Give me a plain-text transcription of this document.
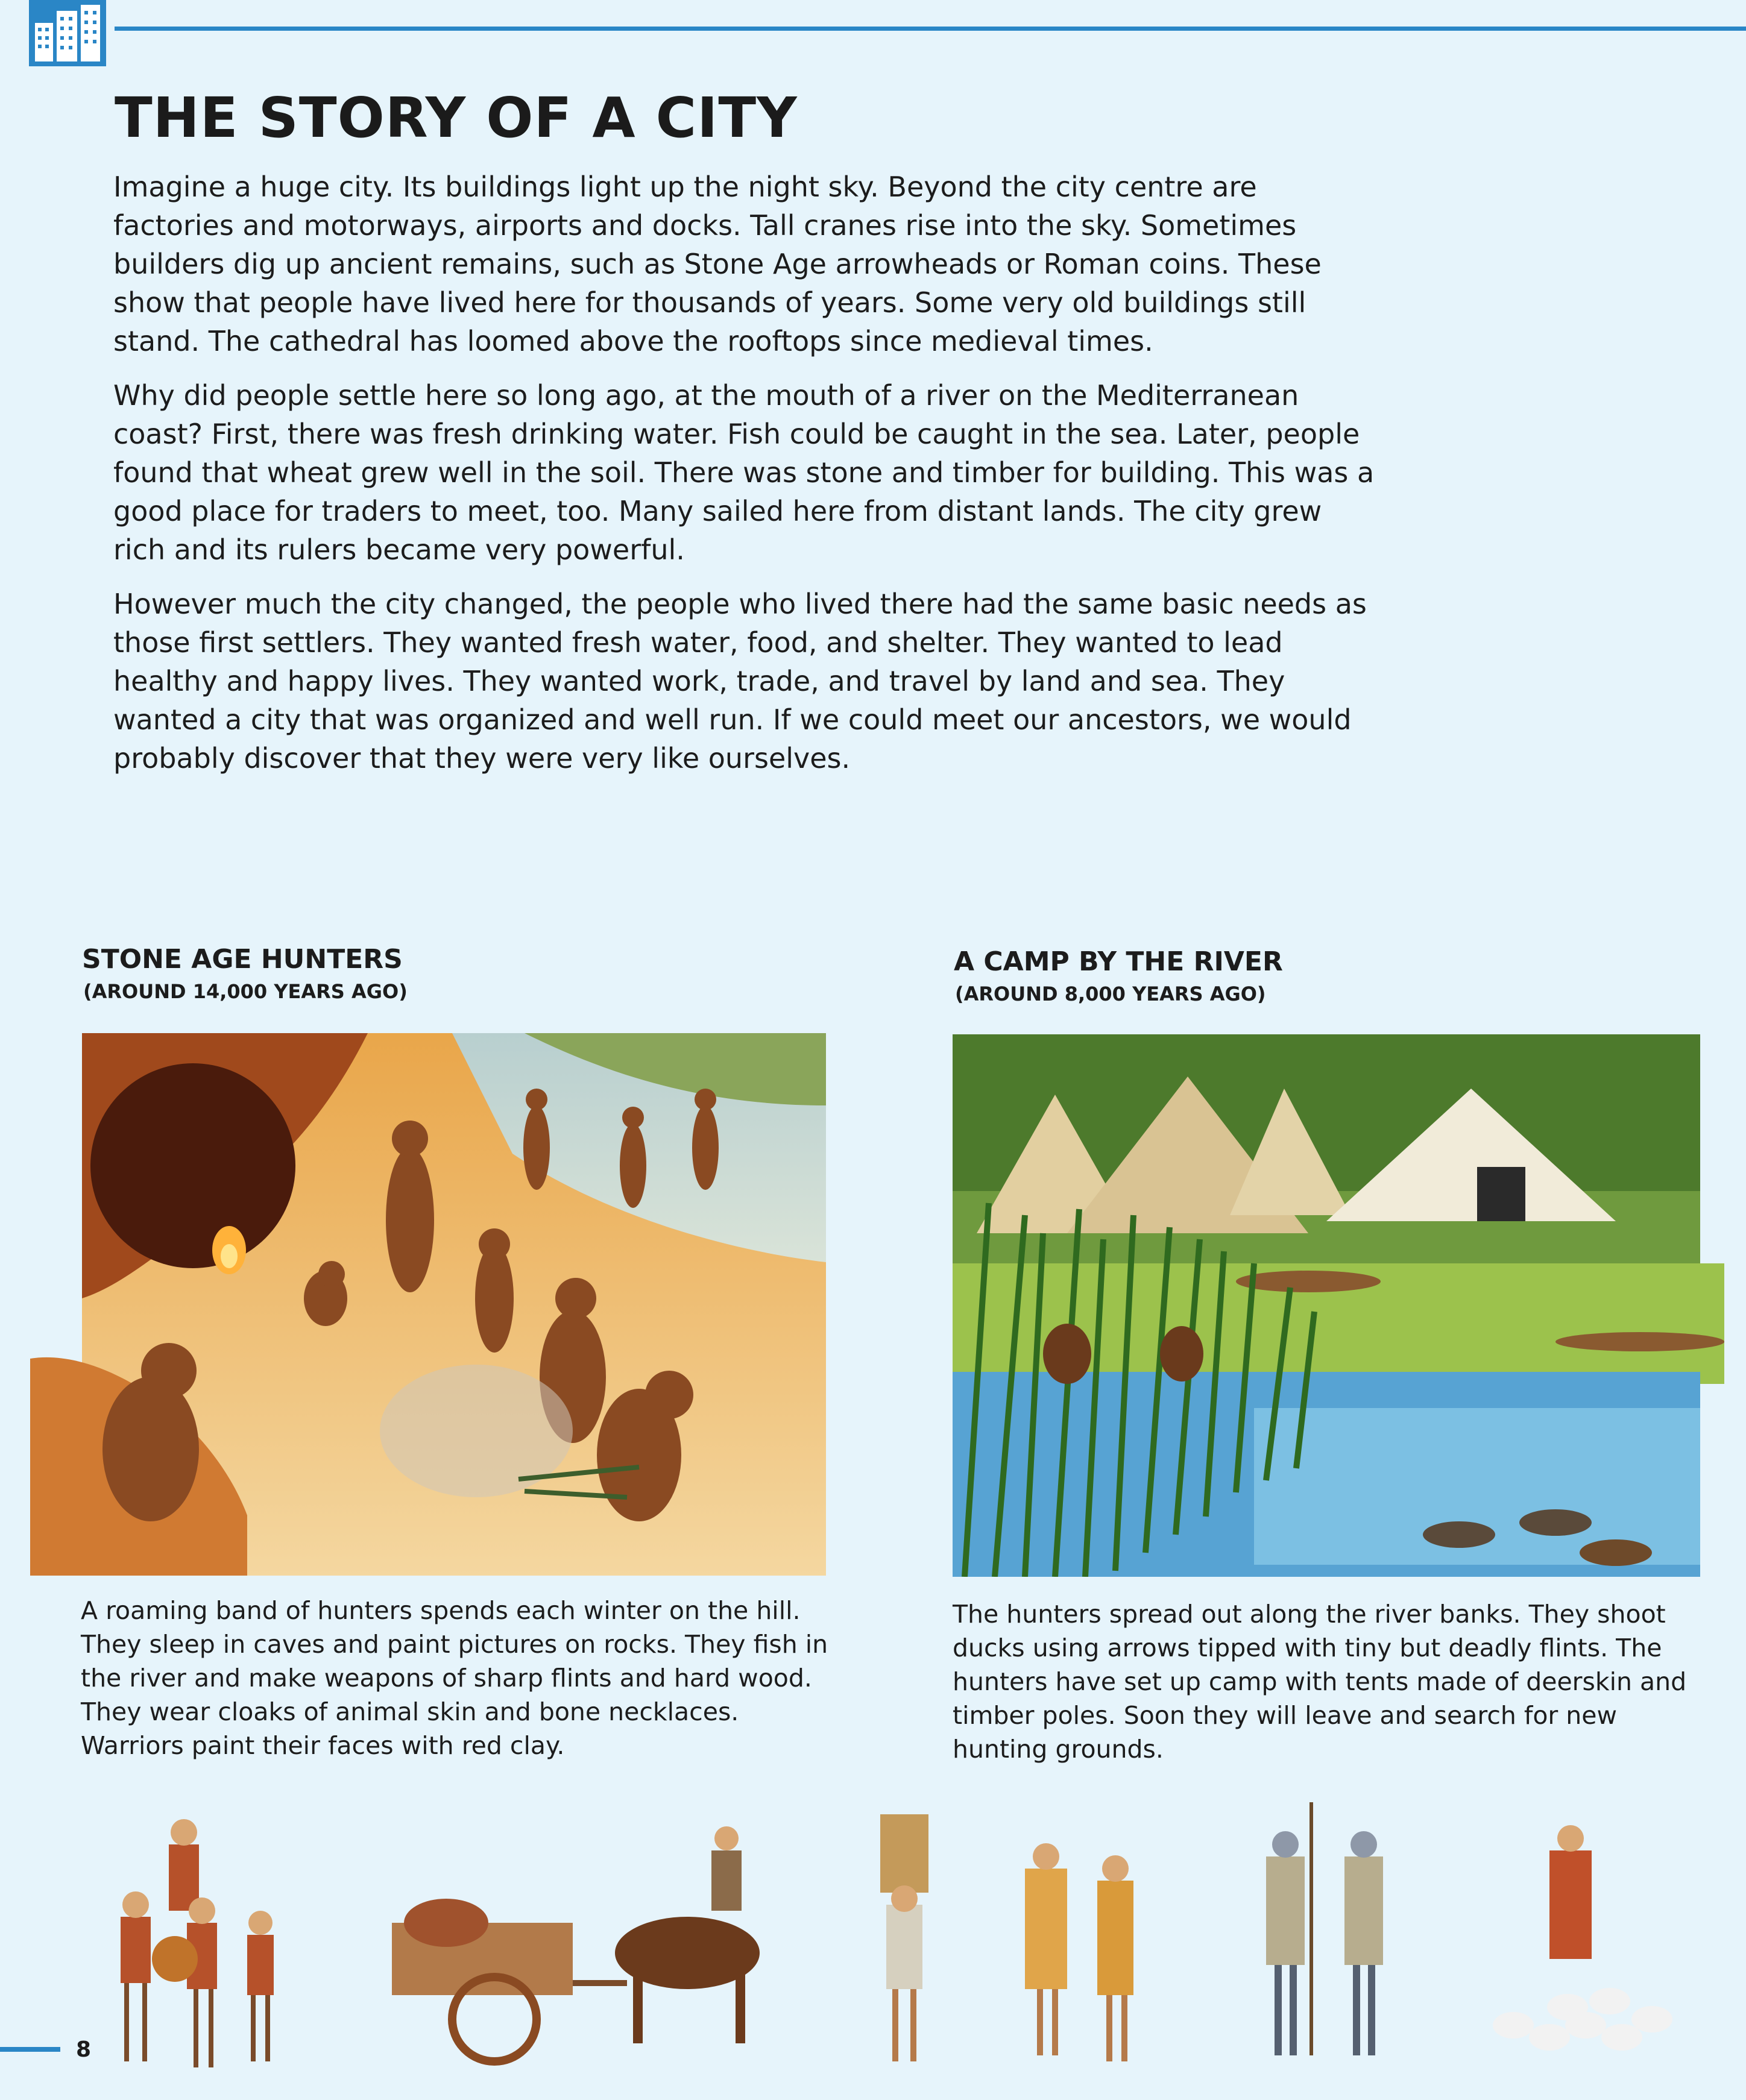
THE STORY OF A CITY

Imagine a huge city. Its buildings light up the night sky. Beyond the city centre are factories and motorways, airports and docks. Tall cranes rise into the sky. Sometimes builders dig up ancient remains, such as Stone Age arrowheads or Roman coins. These show that people have lived here for thousands of years. Some very old buildings still stand. The cathedral has loomed above the rooftops since medieval times.

Why did people settle here so long ago, at the mouth of a river on the Mediterranean coast? First, there was fresh drinking water. Fish could be caught in the sea. Later, people found that wheat grew well in the soil. There was stone and timber for building. This was a good place for traders to meet, too. Many sailed here from distant lands. The city grew rich and its rulers became very powerful.

However much the city changed, the people who lived there had the same basic needs as those first settlers. They wanted fresh water, food, and shelter. They wanted to lead healthy and happy lives. They wanted work, trade, and travel by land and sea. They wanted a city that was organized and well run. If we could meet our ancestors, we would probably discover that they were very like ourselves.

STONE AGE HUNTERS
(AROUND 14,000 YEARS AGO)
A roaming band of hunters spends each winter on the hill. They sleep in caves and paint pictures on rocks. They fish in the river and make weapons of sharp flints and hard wood. They wear cloaks of animal skin and bone necklaces. Warriors paint their faces with red clay.
A CAMP BY THE RIVER
(AROUND 8,000 YEARS AGO)
The hunters spread out along the river banks. They shoot ducks using arrows tipped with tiny but deadly flints. The hunters have set up camp with tents made of deerskin and timber poles. Soon they will leave and search for new hunting grounds.
8
